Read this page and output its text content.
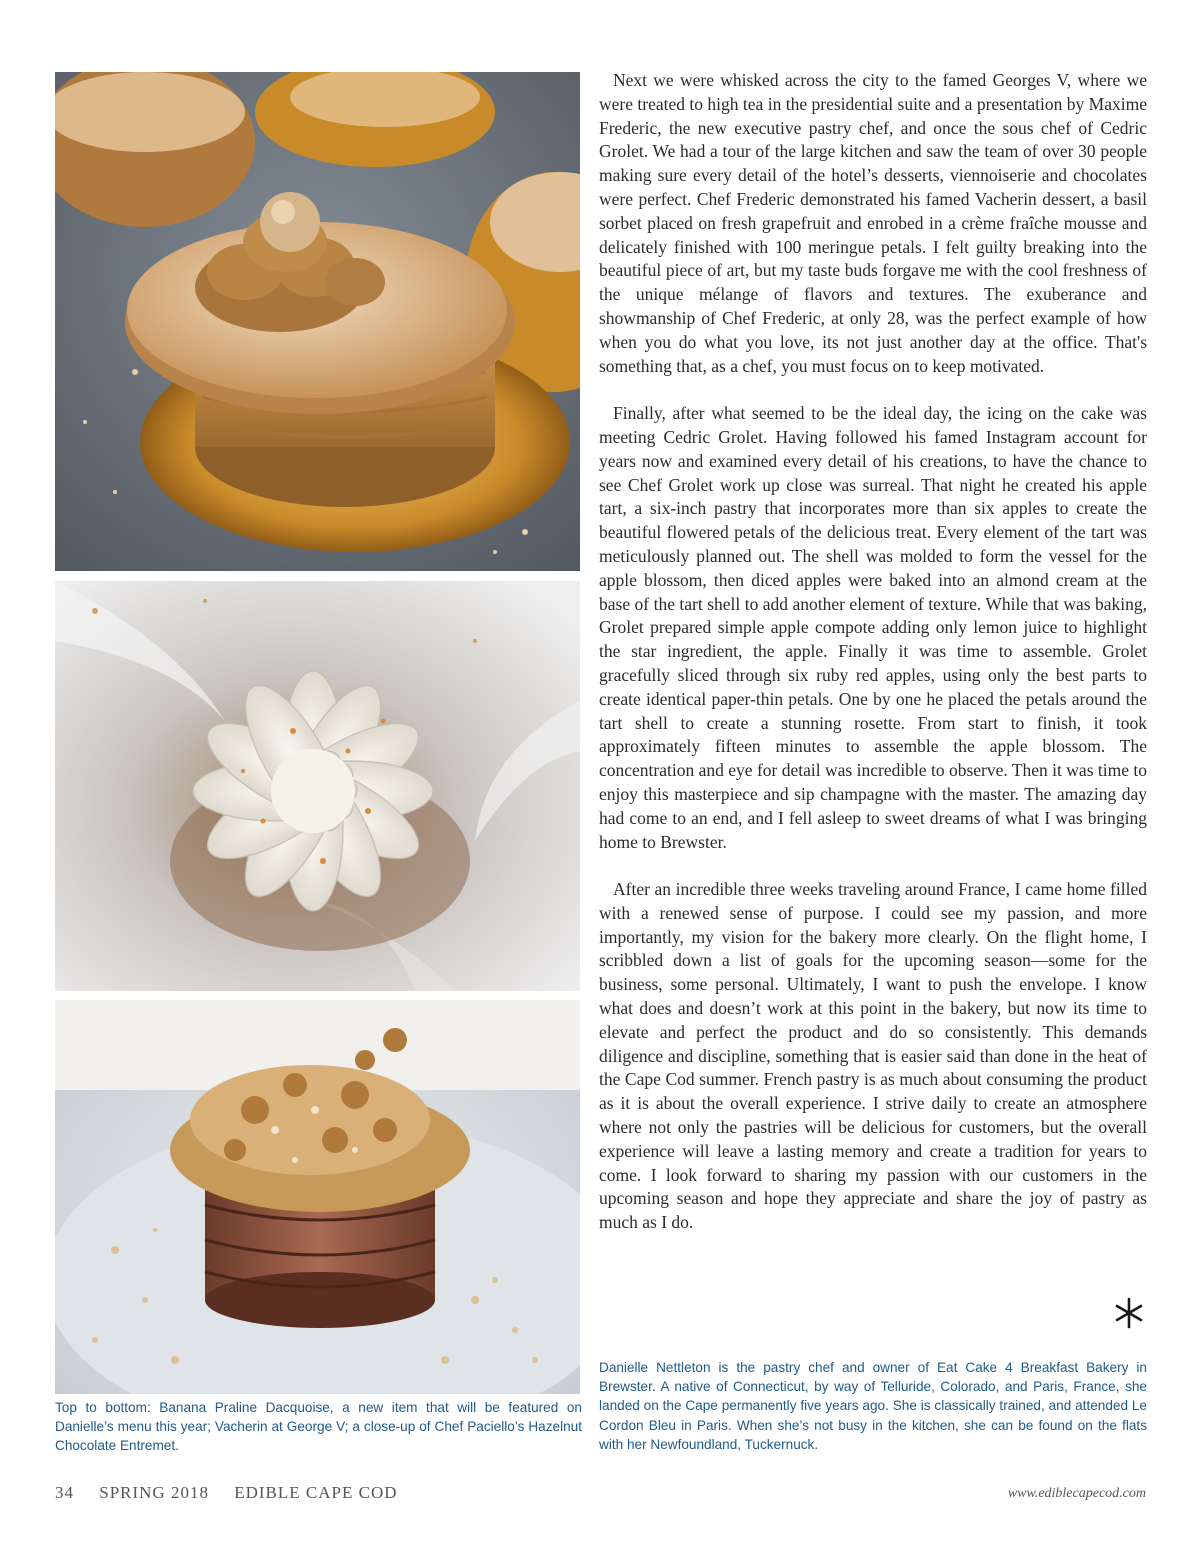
Top to bottom: Banana Praline Dacquoise, a new item that will be featured on Danielle’s menu this year; Vacherin at George V; a close-up of Chef Paciello’s Hazelnut Chocolate Entremet.

Next we were whisked across the city to the famed Georges V, where we were treated to high tea in the presidential suite and a presentation by Maxime Frederic, the new executive pastry chef, and once the sous chef of Cedric Grolet. We had a tour of the large kitchen and saw the team of over 30 people making sure every detail of the hotel’s desserts, viennoiserie and chocolates were perfect. Chef Frederic demonstrated his famed Vacherin dessert, a basil sorbet placed on fresh grapefruit and enrobed in a crème fraîche mousse and delicately finished with 100 meringue petals. I felt guilty breaking into the beautiful piece of art, but my taste buds forgave me with the cool freshness of the unique mélange of flavors and textures. The exuberance and showmanship of Chef Frederic, at only 28, was the perfect example of how when you do what you love, its not just another day at the office. That's something that, as a chef, you must focus on to keep motivated.

Finally, after what seemed to be the ideal day, the icing on the cake was meeting Cedric Grolet. Having followed his famed Instagram account for years now and examined every detail of his creations, to have the chance to see Chef Grolet work up close was surreal. That night he created his apple tart, a six-inch pastry that incorporates more than six apples to create the beautiful flowered petals of the delicious treat. Every element of the tart was meticulously planned out. The shell was molded to form the vessel for the apple blossom, then diced apples were baked into an almond cream at the base of the tart shell to add another element of texture. While that was baking, Grolet prepared simple apple compote adding only lemon juice to highlight the star ingredient, the apple. Finally it was time to assemble. Grolet gracefully sliced through six ruby red apples, using only the best parts to create identical paper-thin petals. One by one he placed the petals around the tart shell to create a stunning rosette. From start to finish, it took approximately fifteen minutes to assemble the apple blossom. The concentration and eye for detail was incredible to observe. Then it was time to enjoy this masterpiece and sip champagne with the master. The amazing day had come to an end, and I fell asleep to sweet dreams of what I was bringing home to Brewster.

After an incredible three weeks traveling around France, I came home filled with a renewed sense of purpose. I could see my passion, and more importantly, my vision for the bakery more clearly. On the flight home, I scribbled down a list of goals for the upcoming season—some for the business, some personal. Ultimately, I want to push the envelope. I know what does and doesn’t work at this point in the bakery, but now its time to elevate and perfect the product and do so consistently. This demands diligence and discipline, something that is easier said than done in the heat of the Cape Cod summer. French pastry is as much about consuming the product as it is about the overall experience. I strive daily to create an atmosphere where not only the pastries will be delicious for customers, but the overall experience will leave a lasting memory and create a tradition for years to come. I look forward to sharing my passion with our customers in the upcoming season and hope they appreciate and share the joy of pastry as much as I do.

Danielle Nettleton is the pastry chef and owner of Eat Cake 4 Breakfast Bakery in Brewster. A native of Connecticut, by way of Telluride, Colorado, and Paris, France, she landed on the Cape permanently five years ago. She is classically trained, and attended Le Cordon Bleu in Paris. When she’s not busy in the kitchen, she can be found on the flats with her Newfoundland, Tuckernuck.
34 SPRING 2018 EDIBLE CAPE COD	www.ediblecapecod.com
